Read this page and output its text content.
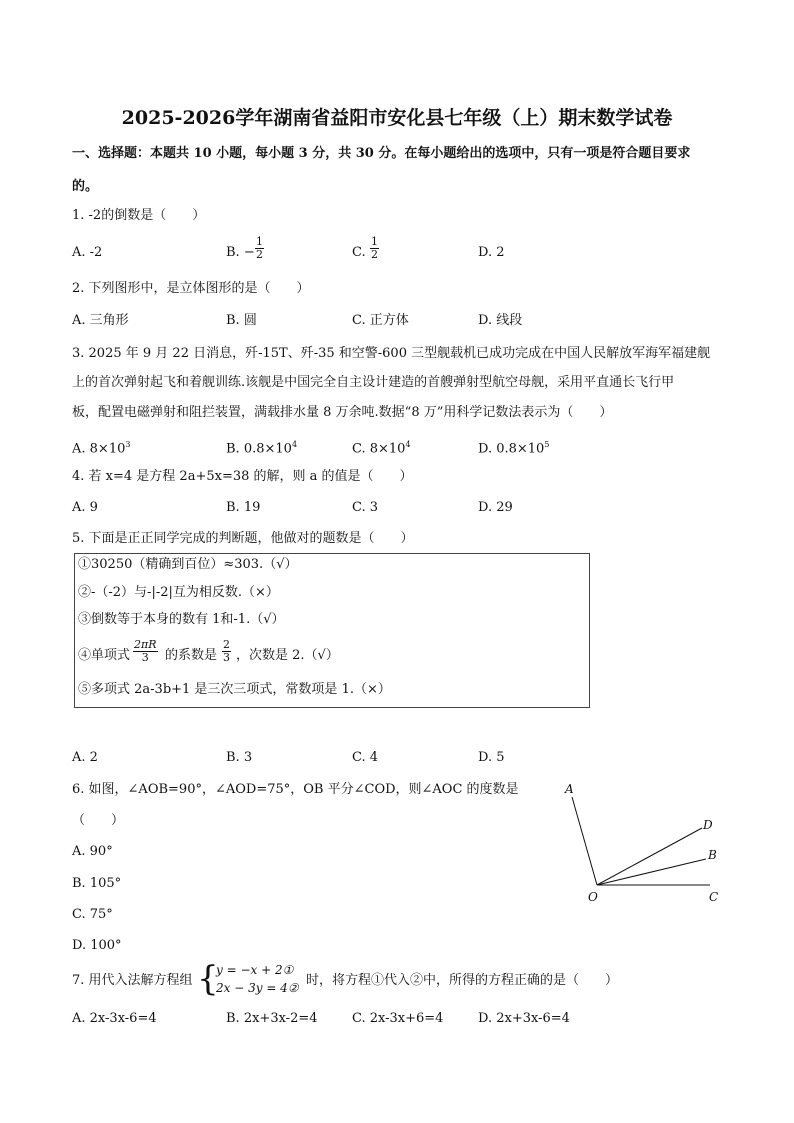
2025-2026学年湖南省益阳市安化县七年级（上）期末数学试卷
一、选择题：本题共 10 小题，每小题 3 分，共 30 分。在每小题给出的选项中，只有一项是符合题目要求
的。
1. -2的倒数是（　　）
A. -2	B. − $\frac{1}{2}$	C. $\frac{1}{2}$	D. 2
2. 下列图形中，是立体图形的是（　　）
A. 三角形	B. 圆	C. 正方体	D. 线段
3. 2025 年 9 月 22 日消息，歼-15T、歼-35 和空警-600 三型舰载机已成功完成在中国人民解放军海军福建舰
上的首次弹射起飞和着舰训练.该舰是中国完全自主设计建造的首艘弹射型航空母舰，采用平直通长飞行甲
板，配置电磁弹射和阻拦装置，满载排水量 8 万余吨.数据“8 万”用科学记数法表示为（　　）
A. $8\times 10^3$	B. $0.8\times 10^4$	C. $8\times 10^4$	D. $0.8\times 10^5$
4. 若 x=4 是方程 2a+5x=38 的解，则 a 的值是（　　）
A. 9	B. 19	C. 3	D. 29
5. 下面是正正同学完成的判断题，他做对的题数是（　　）
①30250（精确到百位）≈303.（√）
②-（-2）与-|-2|互为相反数.（×）
③倒数等于本身的数有 1和-1.（√）
④单项式 $\frac{2\pi R}{3}$ 的系数是 $\frac{2}{3}$ ，次数是 2.（√）
⑤多项式 2a-3b+1 是三次三项式，常数项是 1.（×）
A. 2	B. 3	C. 4	D. 5
6. 如图，∠AOB=90°，∠AOD=75°，OB 平分∠COD，则∠AOC 的度数是
（　　）
A. 90°
B. 105°
C. 75°
D. 100°
A
D
B
O	C
7. 用代入法解方程组 {
y = −x + 2①
2x − 3y = 4② 时，将方程①代入②中，所得的方程正确的是（　　）
A. 2x-3x-6=4	B. 2x+3x-2=4	C. 2x-3x+6=4	D. 2x+3x-6=4
